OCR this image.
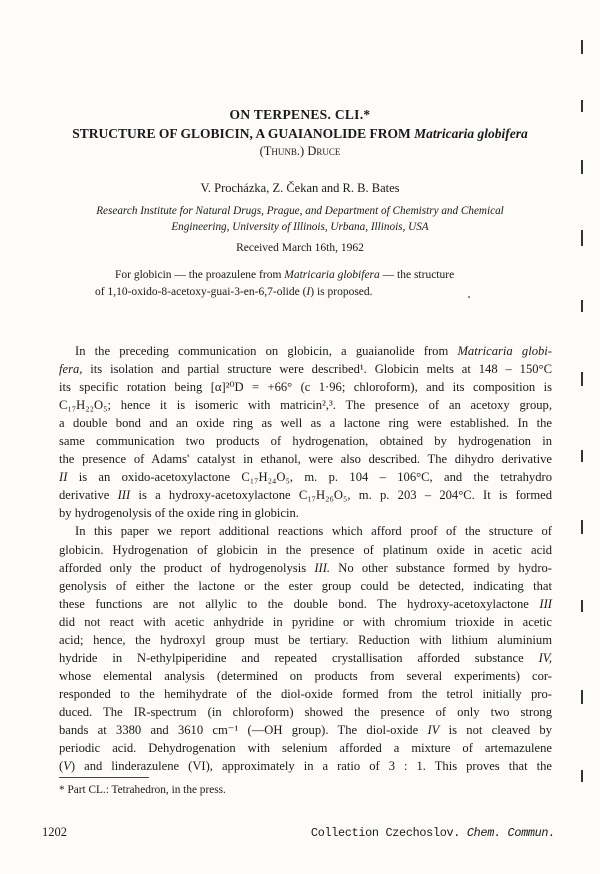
ON TERPENES. CLI.*
STRUCTURE OF GLOBICIN, A GUAIANOLIDE FROM Matricaria globifera
(Thunb.) Druce
V. Procházka, Z. Čekan and R. B. Bates
Research Institute for Natural Drugs, Prague, and Department of Chemistry and Chemical
Engineering, University of Illinois, Urbana, Illinois, USA
Received March 16th, 1962
For globicin — the proazulene from Matricaria globifera — the structure
of 1,10-oxido-8-acetoxy-guai-3-en-6,7-olide (I) is proposed.
In the preceding communication on globicin, a guaianolide from Matricaria globi-
fera, its isolation and partial structure were described¹. Globicin melts at 148 – 150°C
its specific rotation being [α]²⁰D = +66° (c 1·96; chloroform), and its composition is
C₁₇H₂₂O₅; hence it is isomeric with matricin²,³. The presence of an acetoxy group,
a double bond and an oxide ring as well as a lactone ring were established. In the
same communication two products of hydrogenation, obtained by hydrogenation in
the presence of Adams' catalyst in ethanol, were also described. The dihydro derivative
II is an oxido-acetoxylactone C₁₇H₂₄O₅, m. p. 104 – 106°C, and the tetrahydro
derivative III is a hydroxy-acetoxylactone C₁₇H₂₆O₅, m. p. 203 – 204°C. It is formed
by hydrogenolysis of the oxide ring in globicin.
In this paper we report additional reactions which afford proof of the structure of
globicin. Hydrogenation of globicin in the presence of platinum oxide in acetic acid
afforded only the product of hydrogenolysis III. No other substance formed by hydro-
genolysis of either the lactone or the ester group could be detected, indicating that
these functions are not allylic to the double bond. The hydroxy-acetoxylactone III
did not react with acetic anhydride in pyridine or with chromium trioxide in acetic
acid; hence, the hydroxyl group must be tertiary. Reduction with lithium aluminium
hydride in N-ethylpiperidine and repeated crystallisation afforded substance IV,
whose elemental analysis (determined on products from several experiments) cor-
responded to the hemihydrate of the diol-oxide formed from the tetrol initially pro-
duced. The IR-spectrum (in chloroform) showed the presence of only two strong
bands at 3380 and 3610 cm⁻¹ (—OH group). The diol-oxide IV is not cleaved by
periodic acid. Dehydrogenation with selenium afforded a mixture of artemazulene
(V) and linderazulene (VI), approximately in a ratio of 3 : 1. This proves that the
* Part CL.: Tetrahedron, in the press.
1202	Collection Czechoslov. Chem. Commun.
